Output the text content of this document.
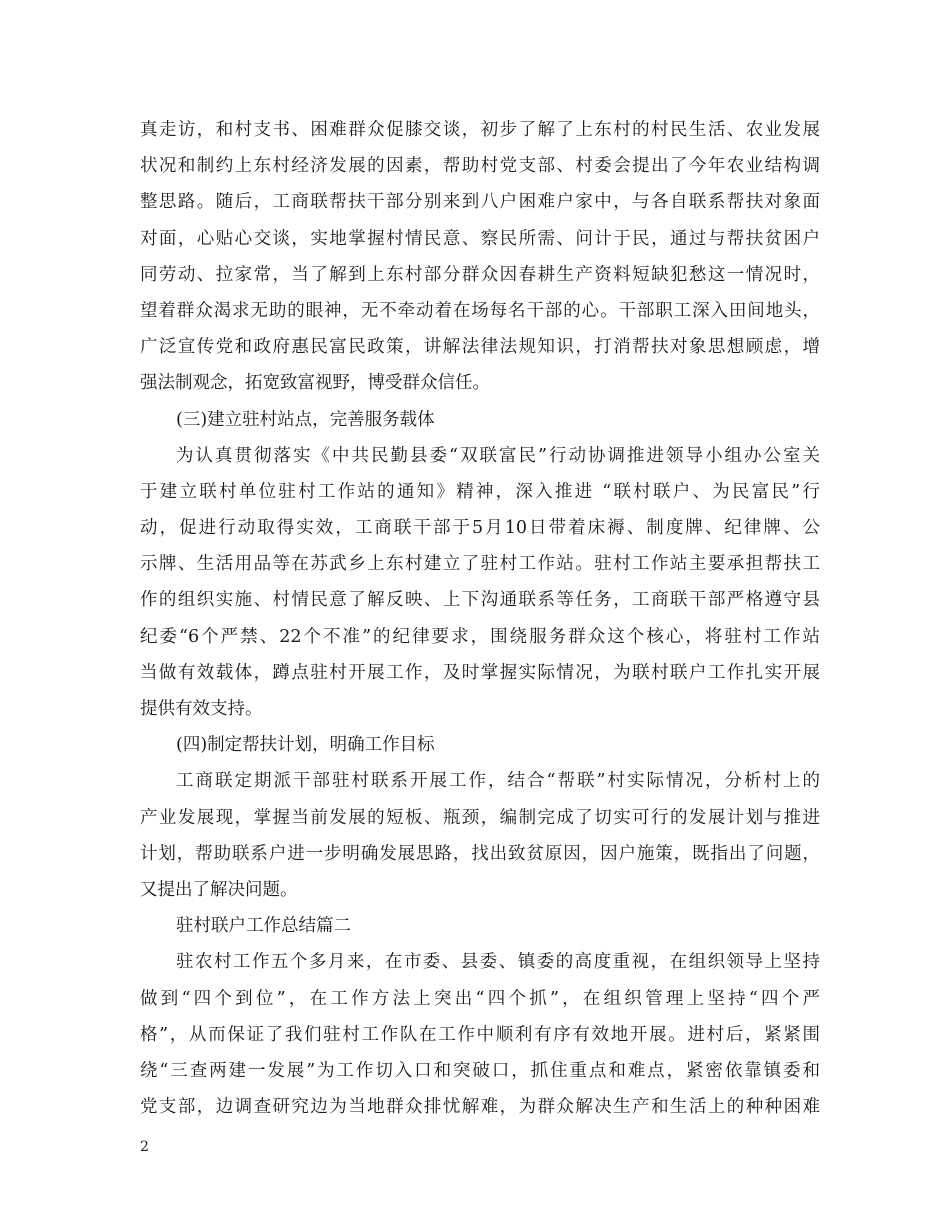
真走访，和村支书、困难群众促膝交谈，初步了解了上东村的村民生活、农业发展
状况和制约上东村经济发展的因素，帮助村党支部、村委会提出了今年农业结构调
整思路。随后，工商联帮扶干部分别来到八户困难户家中，与各自联系帮扶对象面
对面，心贴心交谈，实地掌握村情民意、察民所需、问计于民，通过与帮扶贫困户
同劳动、拉家常，当了解到上东村部分群众因春耕生产资料短缺犯愁这一情况时，
望着群众渴求无助的眼神，无不牵动着在场每名干部的心。干部职工深入田间地头，
广泛宣传党和政府惠民富民政策，讲解法律法规知识，打消帮扶对象思想顾虑，增
强法制观念，拓宽致富视野，博受群众信任。
(三)建立驻村站点，完善服务载体
为认真贯彻落实《中共民勤县委“双联富民”行动协调推进领导小组办公室关
于建立联村单位驻村工作站的通知》精神，深入推进 “联村联户、为民富民”行
动，促进行动取得实效，工商联干部于5月10日带着床褥、制度牌、纪律牌、公
示牌、生活用品等在苏武乡上东村建立了驻村工作站。驻村工作站主要承担帮扶工
作的组织实施、村情民意了解反映、上下沟通联系等任务，工商联干部严格遵守县
纪委“6个严禁、22个不准”的纪律要求，围绕服务群众这个核心，将驻村工作站
当做有效载体，蹲点驻村开展工作，及时掌握实际情况，为联村联户工作扎实开展
提供有效支持。
(四)制定帮扶计划，明确工作目标
工商联定期派干部驻村联系开展工作，结合“帮联”村实际情况，分析村上的
产业发展现，掌握当前发展的短板、瓶颈，编制完成了切实可行的发展计划与推进
计划，帮助联系户进一步明确发展思路，找出致贫原因，因户施策，既指出了问题，
又提出了解决问题。
驻村联户工作总结篇二
驻农村工作五个多月来，在市委、县委、镇委的高度重视，在组织领导上坚持
做到“四个到位”，在工作方法上突出“四个抓”，在组织管理上坚持“四个严
格”，从而保证了我们驻村工作队在工作中顺利有序有效地开展。进村后，紧紧围
绕“三查两建一发展”为工作切入口和突破口，抓住重点和难点，紧密依靠镇委和
党支部，边调查研究边为当地群众排忧解难，为群众解决生产和生活上的种种困难
2
